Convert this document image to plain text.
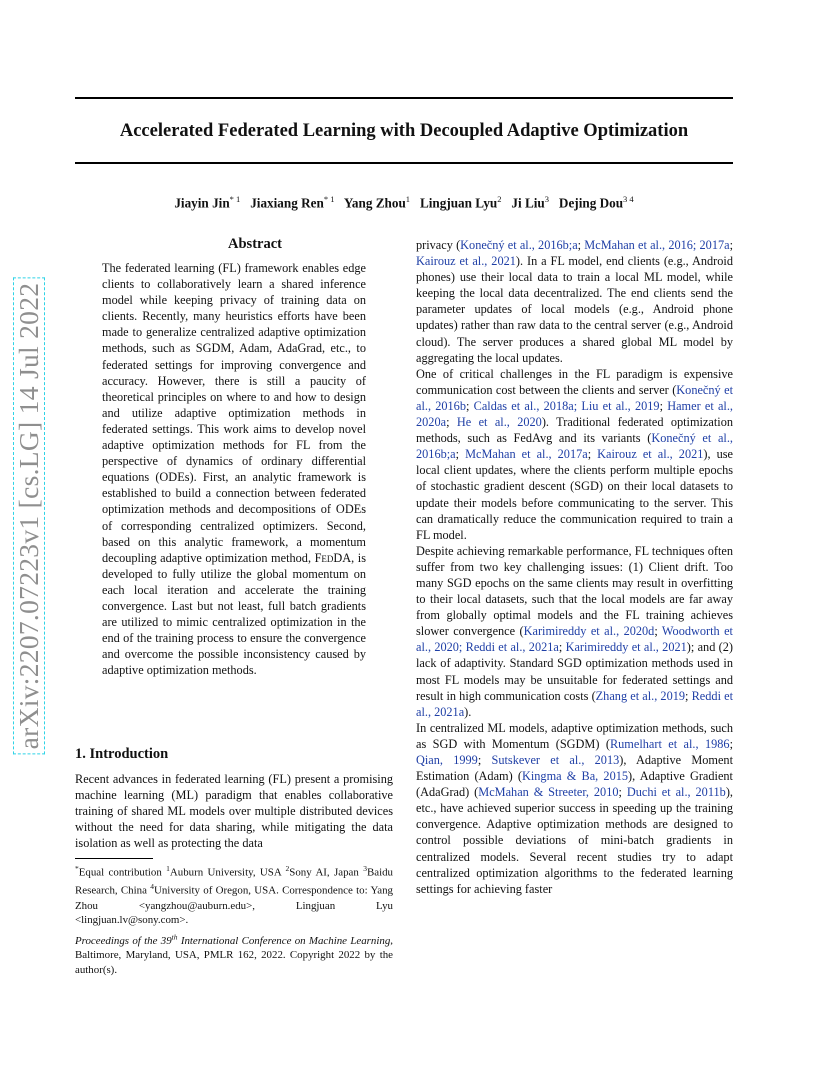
Accelerated Federated Learning with Decoupled Adaptive Optimization
Jiayin Jin$^{* 1}$ Jiaxiang Ren$^{* 1}$ Yang Zhou$^1$ Lingjuan Lyu$^2$ Ji Liu$^3$ Dejing Dou$^{3 4}$
arXiv:2207.07223v1 [cs.LG] 14 Jul 2022
Abstract

The federated learning (FL) framework enables edge clients to collaboratively learn a shared inference model while keeping privacy of training data on clients. Recently, many heuristics efforts have been made to generalize centralized adaptive optimization methods, such as SGDM, Adam, AdaGrad, etc., to federated settings for improving convergence and accuracy. However, there is still a paucity of theoretical principles on where to and how to design and utilize adaptive optimization methods in federated settings. This work aims to develop novel adaptive optimization methods for FL from the perspective of dynamics of ordinary differential equations (ODEs). First, an analytic framework is established to build a connection between federated optimization methods and decompositions of ODEs of corresponding centralized optimizers. Second, based on this analytic framework, a momentum decoupling adaptive optimization method, FedDA, is developed to fully utilize the global momentum on each local iteration and accelerate the training convergence. Last but not least, full batch gradients are utilized to mimic centralized optimization in the end of the training process to ensure the convergence and overcome the possible inconsistency caused by adaptive optimization methods.

1. Introduction

Recent advances in federated learning (FL) present a promising machine learning (ML) paradigm that enables collaborative training of shared ML models over multiple distributed devices without the need for data sharing, while mitigating the data isolation as well as protecting the data

*Equal contribution $^1$Auburn University, USA $^2$Sony AI, Japan $^3$Baidu Research, China $^4$University of Oregon, USA. Correspondence to: Yang Zhou <yangzhou@auburn.edu>, Lingjuan Lyu <lingjuan.lv@sony.com>.
Proceedings of the 39th International Conference on Machine Learning, Baltimore, Maryland, USA, PMLR 162, 2022. Copyright 2022 by the author(s).

privacy (Konečný et al., 2016b;a; McMahan et al., 2016; 2017a; Kairouz et al., 2021). In a FL model, end clients (e.g., Android phones) use their local data to train a local ML model, while keeping the local data decentralized. The end clients send the parameter updates of local models (e.g., Android phone updates) rather than raw data to the central server (e.g., Android cloud). The server produces a shared global ML model by aggregating the local updates.

One of critical challenges in the FL paradigm is expensive communication cost between the clients and server (Konečný et al., 2016b; Caldas et al., 2018a; Liu et al., 2019; Hamer et al., 2020a; He et al., 2020). Traditional federated optimization methods, such as FedAvg and its variants (Konečný et al., 2016b;a; McMahan et al., 2017a; Kairouz et al., 2021), use local client updates, where the clients perform multiple epochs of stochastic gradient descent (SGD) on their local datasets to update their models before communicating to the server. This can dramatically reduce the communication required to train a FL model.

Despite achieving remarkable performance, FL techniques often suffer from two key challenging issues: (1) Client drift. Too many SGD epochs on the same clients may result in overfitting to their local datasets, such that the local models are far away from globally optimal models and the FL training achieves slower convergence (Karimireddy et al., 2020d; Woodworth et al., 2020; Reddi et al., 2021a; Karimireddy et al., 2021); and (2) lack of adaptivity. Standard SGD optimization methods used in most FL models may be unsuitable for federated settings and result in high communication costs (Zhang et al., 2019; Reddi et al., 2021a).

In centralized ML models, adaptive optimization methods, such as SGD with Momentum (SGDM) (Rumelhart et al., 1986; Qian, 1999; Sutskever et al., 2013), Adaptive Moment Estimation (Adam) (Kingma & Ba, 2015), Adaptive Gradient (AdaGrad) (McMahan & Streeter, 2010; Duchi et al., 2011b), etc., have achieved superior success in speeding up the training convergence. Adaptive optimization methods are designed to control possible deviations of mini-batch gradients in centralized models. Several recent studies try to adapt centralized optimization algorithms to the federated learning settings for achieving faster
